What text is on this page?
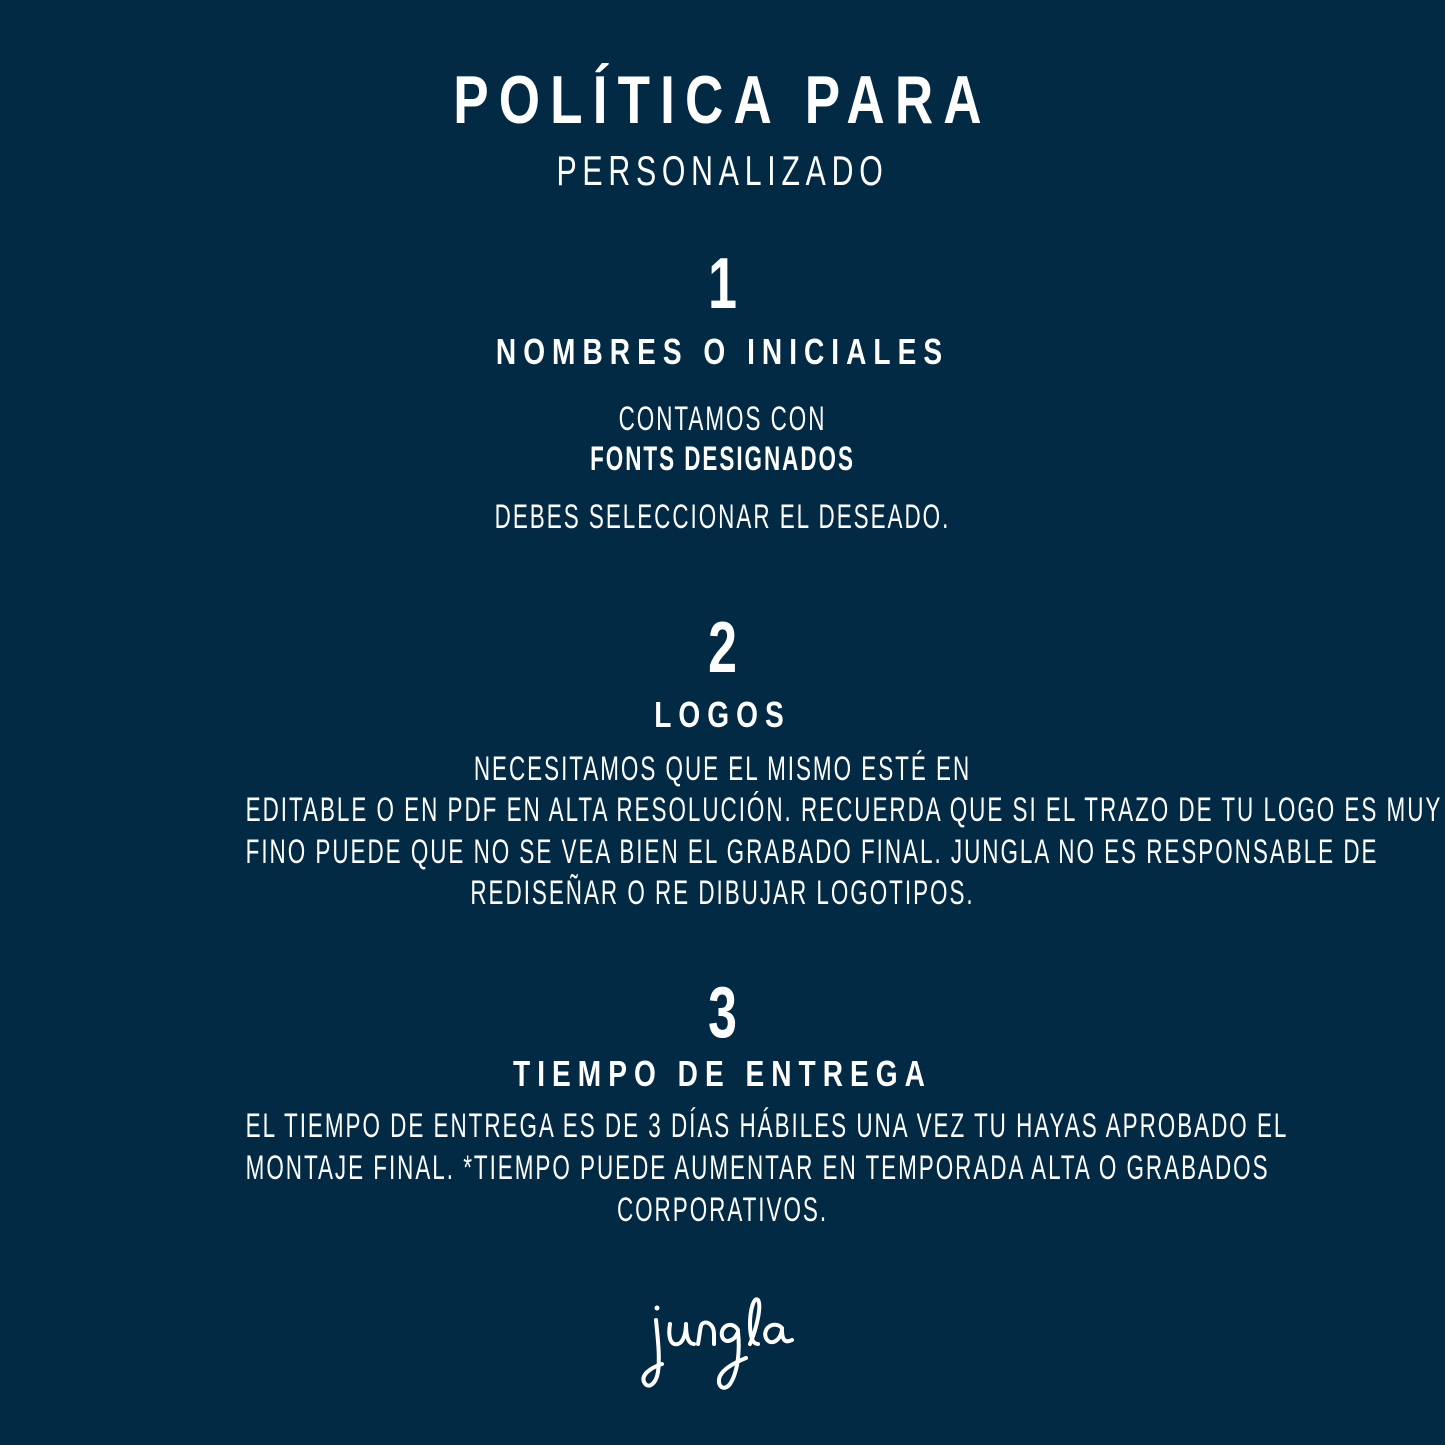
POLÍTICA PARA
PERSONALIZADO
1
NOMBRES O INICIALES
CONTAMOS CON
FONTS DESIGNADOS
DEBES SELECCIONAR EL DESEADO.
2
LOGOS
NECESITAMOS QUE EL MISMO ESTÉ EN
EDITABLE O EN PDF EN ALTA RESOLUCIÓN. RECUERDA QUE SI EL TRAZO DE TU LOGO ES MUY
FINO PUEDE QUE NO SE VEA BIEN EL GRABADO FINAL. JUNGLA NO ES RESPONSABLE DE
REDISEÑAR O RE DIBUJAR LOGOTIPOS.
3
TIEMPO DE ENTREGA
EL TIEMPO DE ENTREGA ES DE 3 DÍAS HÁBILES UNA VEZ TU HAYAS APROBADO EL
MONTAJE FINAL. *TIEMPO PUEDE AUMENTAR EN TEMPORADA ALTA O GRABADOS
CORPORATIVOS.
